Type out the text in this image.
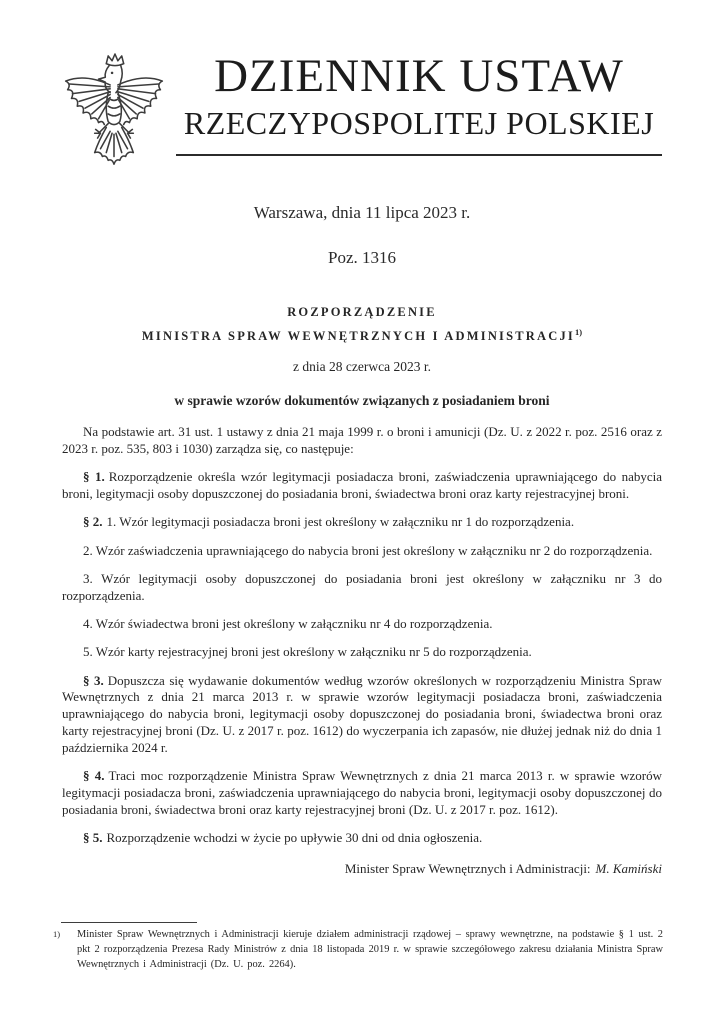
DZIENNIK USTAW
RZECZYPOSPOLITEJ POLSKIEJ
Warszawa, dnia 11 lipca 2023 r.
Poz. 1316
ROZPORZĄDZENIE
MINISTRA SPRAW WEWNĘTRZNYCH I ADMINISTRACJI$^{1)}$
z dnia 28 czerwca 2023 r.
w sprawie wzorów dokumentów związanych z posiadaniem broni

Na podstawie art. 31 ust. 1 ustawy z dnia 21 maja 1999 r. o broni i amunicji (Dz. U. z 2022 r. poz. 2516 oraz z 2023 r. poz. 535, 803 i 1030) zarządza się, co następuje:

§ 1. Rozporządzenie określa wzór legitymacji posiadacza broni, zaświadczenia uprawniającego do nabycia broni, legitymacji osoby dopuszczonej do posiadania broni, świadectwa broni oraz karty rejestracyjnej broni.

§ 2. 1. Wzór legitymacji posiadacza broni jest określony w załączniku nr 1 do rozporządzenia.

2. Wzór zaświadczenia uprawniającego do nabycia broni jest określony w załączniku nr 2 do rozporządzenia.

3. Wzór legitymacji osoby dopuszczonej do posiadania broni jest określony w załączniku nr 3 do rozporządzenia.

4. Wzór świadectwa broni jest określony w załączniku nr 4 do rozporządzenia.

5. Wzór karty rejestracyjnej broni jest określony w załączniku nr 5 do rozporządzenia.

§ 3. Dopuszcza się wydawanie dokumentów według wzorów określonych w rozporządzeniu Ministra Spraw Wewnętrznych z dnia 21 marca 2013 r. w sprawie wzorów legitymacji posiadacza broni, zaświadczenia uprawniającego do nabycia broni, legitymacji osoby dopuszczonej do posiadania broni, świadectwa broni oraz karty rejestracyjnej broni (Dz. U. z 2017 r. poz. 1612) do wyczerpania ich zapasów, nie dłużej jednak niż do dnia 1 października 2024 r.

§ 4. Traci moc rozporządzenie Ministra Spraw Wewnętrznych z dnia 21 marca 2013 r. w sprawie wzorów legitymacji posiadacza broni, zaświadczenia uprawniającego do nabycia broni, legitymacji osoby dopuszczonej do posiadania broni, świadectwa broni oraz karty rejestracyjnej broni (Dz. U. z 2017 r. poz. 1612).

§ 5. Rozporządzenie wchodzi w życie po upływie 30 dni od dnia ogłoszenia.

Minister Spraw Wewnętrznych i Administracji: M. Kamiński
1)	Minister Spraw Wewnętrznych i Administracji kieruje działem administracji rządowej – sprawy wewnętrzne, na podstawie § 1 ust. 2 pkt 2 rozporządzenia Prezesa Rady Ministrów z dnia 18 listopada 2019 r. w sprawie szczegółowego zakresu działania Ministra Spraw Wewnętrznych i Administracji (Dz. U. poz. 2264).
